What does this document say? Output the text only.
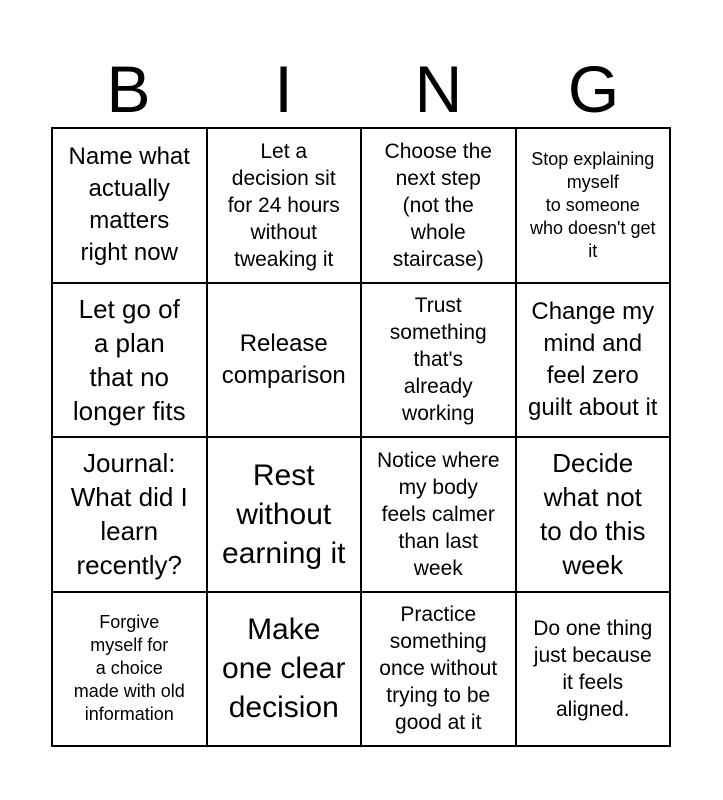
B	I	N	G
Name what
actually
matters
right now
Let a
decision sit
for 24 hours
without
tweaking it
Choose the
next step
(not the
whole
staircase)
Stop explaining
myself
to someone
who doesn't get
it
Let go of
a plan
that no
longer fits
Release
comparison
Trust
something
that's
already
working
Change my
mind and
feel zero
guilt about it
Journal:
What did I
learn
recently?
Rest
without
earning it
Notice where
my body
feels calmer
than last
week
Decide
what not
to do this
week
Forgive
myself for
a choice
made with old
information
Make
one clear
decision
Practice
something
once without
trying to be
good at it
Do one thing
just because
it feels
aligned.
